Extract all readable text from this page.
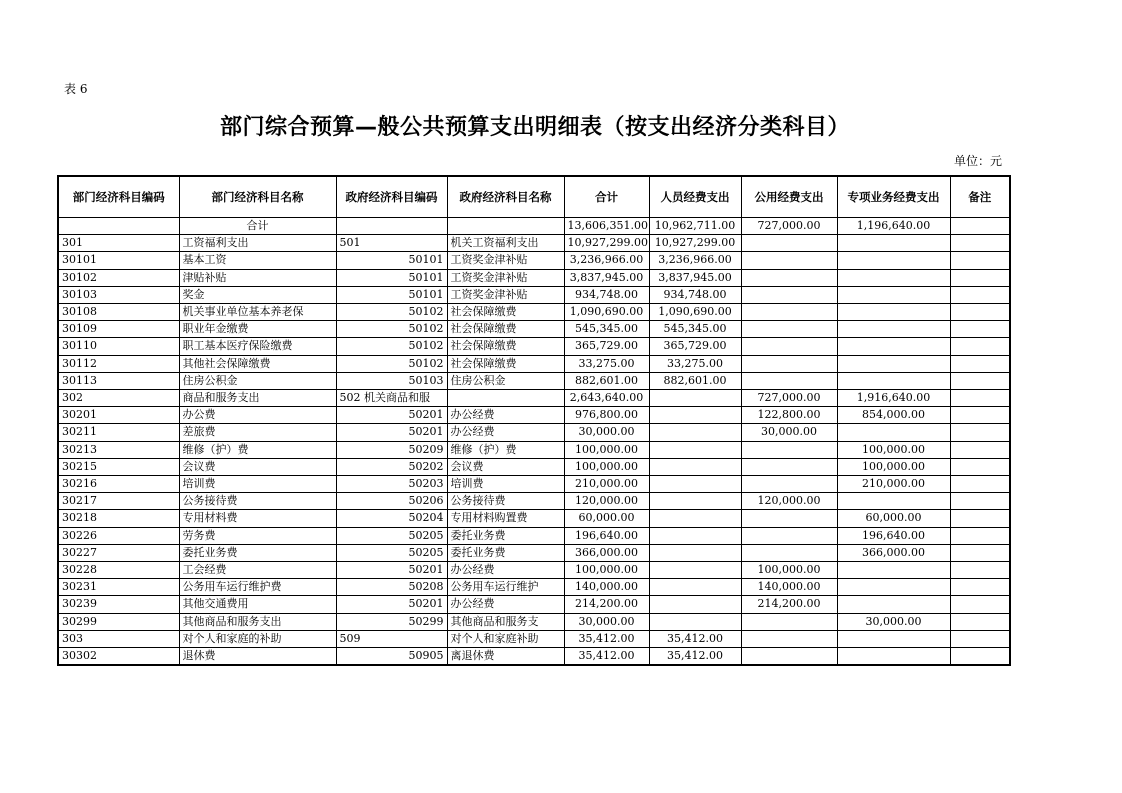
表 6
部门综合预算—般公共预算支出明细表（按支出经济分类科目）
单位：元
部门经济科目编码	部门经济科目名称	政府经济科目编码	政府经济科目名称	合计	人员经费支出	公用经费支出	专项业务经费支出	备注
	合计			13,606,351.00	10,962,711.00	727,000.00	1,196,640.00	
301	工资福利支出	501	机关工资福利支出	10,927,299.00	10,927,299.00			
30101	基本工资	50101	工资奖金津补贴	3,236,966.00	3,236,966.00			
30102	津贴补贴	50101	工资奖金津补贴	3,837,945.00	3,837,945.00			
30103	奖金	50101	工资奖金津补贴	934,748.00	934,748.00			
30108	机关事业单位基本养老保	50102	社会保障缴费	1,090,690.00	1,090,690.00			
30109	职业年金缴费	50102	社会保障缴费	545,345.00	545,345.00			
30110	职工基本医疗保险缴费	50102	社会保障缴费	365,729.00	365,729.00			
30112	其他社会保障缴费	50102	社会保障缴费	33,275.00	33,275.00			
30113	住房公积金	50103	住房公积金	882,601.00	882,601.00			
302	商品和服务支出	502 机关商品和服		2,643,640.00		727,000.00	1,916,640.00	
30201	办公费	50201	办公经费	976,800.00		122,800.00	854,000.00	
30211	差旅费	50201	办公经费	30,000.00		30,000.00		
30213	维修（护）费	50209	维修（护）费	100,000.00			100,000.00	
30215	会议费	50202	会议费	100,000.00			100,000.00	
30216	培训费	50203	培训费	210,000.00			210,000.00	
30217	公务接待费	50206	公务接待费	120,000.00		120,000.00		
30218	专用材料费	50204	专用材料购置费	60,000.00			60,000.00	
30226	劳务费	50205	委托业务费	196,640.00			196,640.00	
30227	委托业务费	50205	委托业务费	366,000.00			366,000.00	
30228	工会经费	50201	办公经费	100,000.00		100,000.00		
30231	公务用车运行维护费	50208	公务用车运行维护	140,000.00		140,000.00		
30239	其他交通费用	50201	办公经费	214,200.00		214,200.00		
30299	其他商品和服务支出	50299	其他商品和服务支	30,000.00			30,000.00	
303	对个人和家庭的补助	509	对个人和家庭补助	35,412.00	35,412.00			
30302	退休费	50905	离退休费	35,412.00	35,412.00			
